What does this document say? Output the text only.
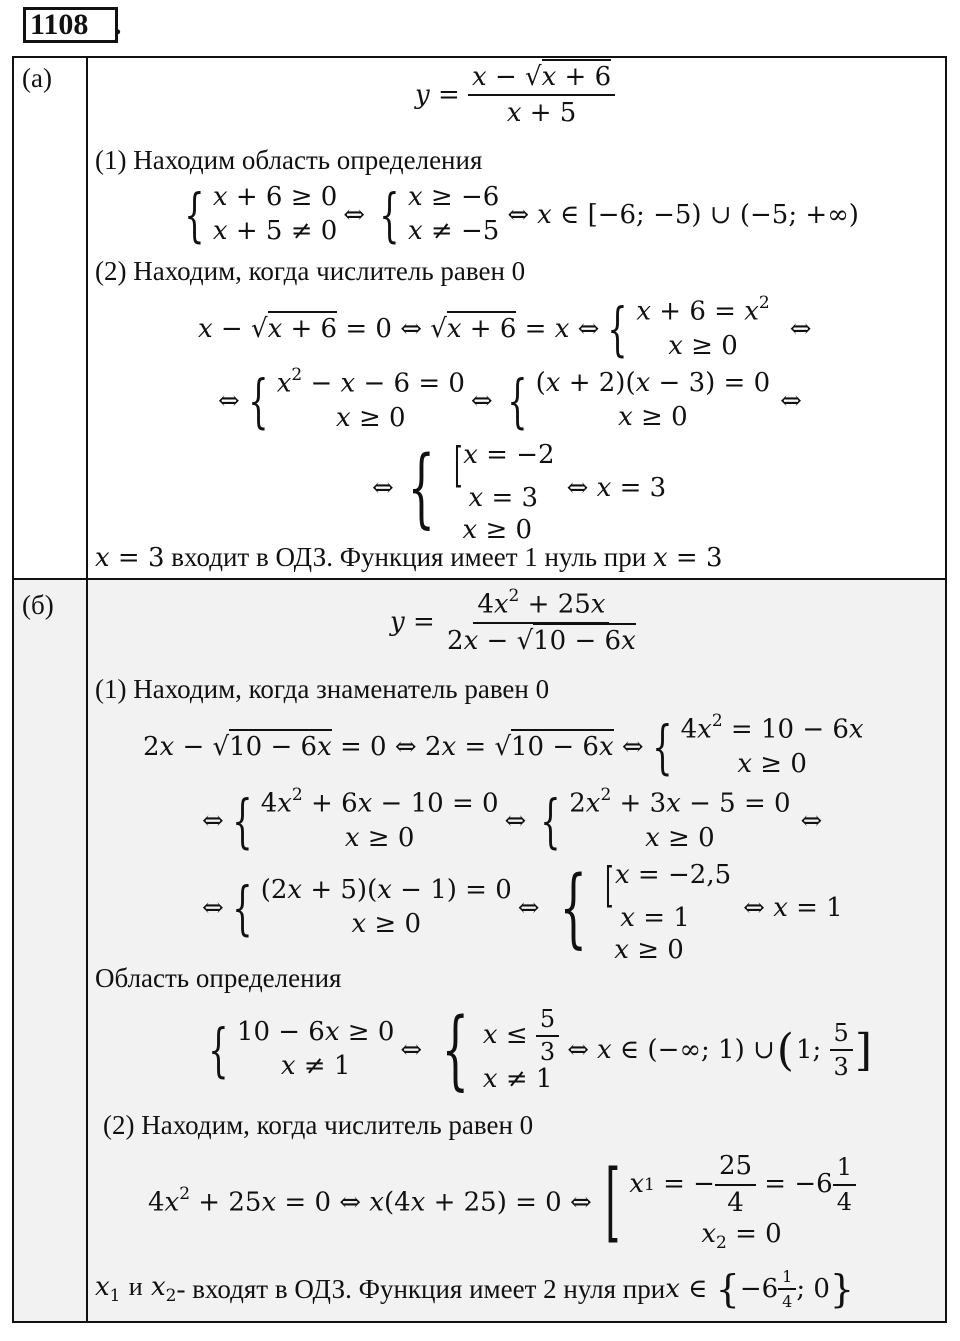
1108 .
(а)
$y = \frac{x - √x + 6}{x + 5}$
(1) Находим область определения
{ x + 6 ≥ 0
x + 5 ≠ 0
⇔ { x ≥ −6
x ≠ −5
⇔ x ∈ [−6; −5) ∪ (−5; +∞)
(2) Находим, когда числитель равен 0
x − √x + 6 = 0 ⇔ √x + 6 = x ⇔ { $x + 6 = x^2$
x ≥ 0
⇔
⇔ { $x^2 - x - 6 = 0$
x ≥ 0
⇔ { (x + 2)(x − 3) = 0
x ≥ 0
⇔
⇔ { [ x = −2
x = 3
x ≥ 0
⇔ x = 3
x = 3 входит в ОДЗ. Функция имеет 1 нуль при x = 3
(б)
$y = \frac{4x^2 + 25x}{2x - √10 - 6x}$
(1) Находим, когда знаменатель равен 0
2x − √10 − 6x = 0 ⇔ 2x = √10 − 6x ⇔ { $4x^2 = 10 - 6x$
x ≥ 0
⇔ { $4x^2 + 6x - 10 = 0$
x ≥ 0
⇔ { $2x^2 + 3x - 5 = 0$
x ≥ 0
⇔
⇔ { (2x + 5)(x − 1) = 0
x ≥ 0
⇔ { [ x = −2,5
x = 1
x ≥ 0
⇔ x = 1
Область определения
{ 10 − 6x ≥ 0
x ≠ 1
⇔ { $x \le \frac{5}{3}$
x ≠ 1
⇔ x ∈ (−∞; 1) ∪ ( 1; $\frac{5}{3}$ ]
(2) Находим, когда числитель равен 0
$4x^2 + 25x = 0$ ⇔ x(4x + 25) = 0 ⇔ [ x 1 = − $\frac{25}{4} = -6 \frac{1}{4}$
$x_2 = 0$
$x_1$ и $x_2$ - входят в ОДЗ. Функция имеет 2 нуля при x ∈ { $-6 \frac{1}{4}$ ; 0 }
